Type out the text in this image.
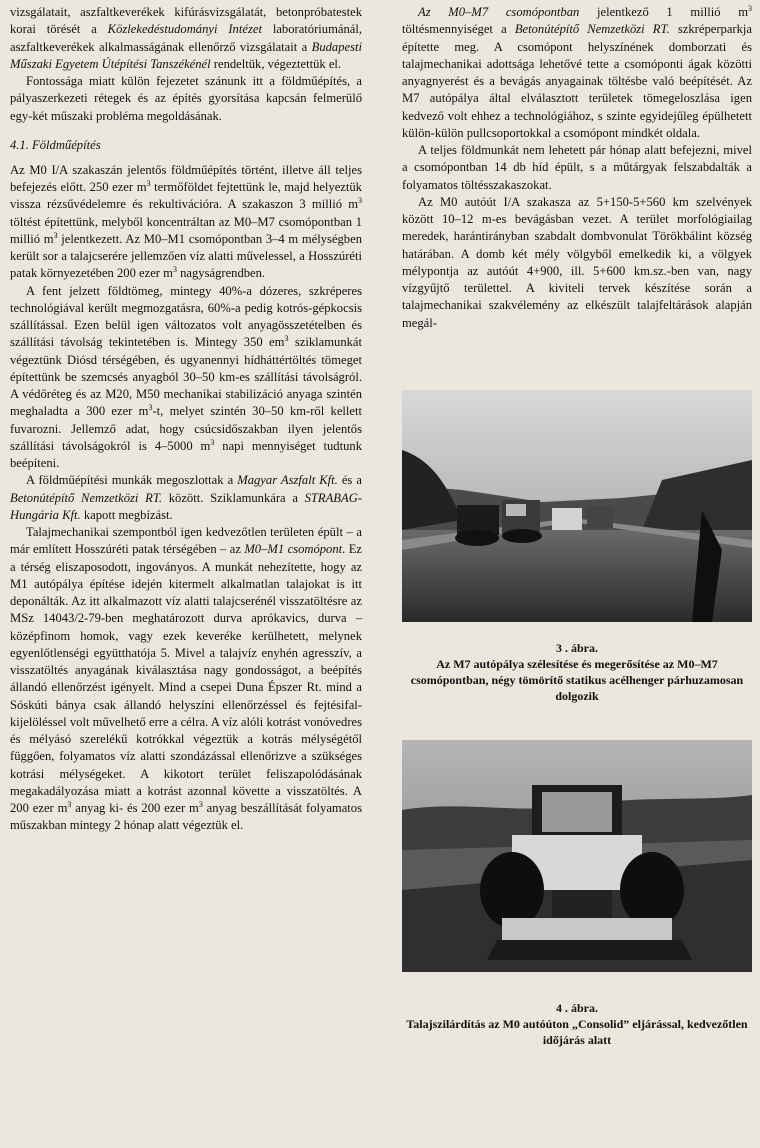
vizsgálatait, aszfaltkeverékek kifúrásvizsgálatát, betonpróbatestek korai törését a Közlekedéstudományi Intézet laboratóriumánál, aszfaltkeverékek alkalmasságának ellenőrző vizsgálatait a Budapesti Műszaki Egyetem Útépítési Tanszékénél rendeltük, végeztettük el.

Fontossága miatt külön fejezetet szánunk itt a földműépítés, a pályaszerkezeti rétegek és az építés gyorsítása kapcsán felmerülő egy-két műszaki probléma megoldásának.

4.1. Földműépítés

Az M0 I/A szakaszán jelentős földműépítés történt, illetve áll teljes befejezés előtt. 250 ezer $m^3$ termőföldet fejtettünk le, majd helyeztük vissza rézsűvédelemre és rekultivációra. A szakaszon 3 millió $m^3$ töltést építettünk, melyből koncentráltan az M0–M7 csomópontban 1 millió $m^3$ jelentkezett. Az M0–M1 csomópontban 3–4 m mélységben került sor a talajcserére jellemzően víz alatti művelessel, a Hosszúréti patak környezetében 200 ezer $m^3$ nagyságrendben.

A fent jelzett földtömeg, mintegy 40%-a dózeres, szkréperes technológiával került megmozgatásra, 60%-a pedig kotrós-gépkocsis szállítással. Ezen belül igen változatos volt anyagösszetételben és szállítási távolság tekintetében is. Mintegy 350 $em^3$ sziklamunkát végeztünk Diósd térségében, és ugyanennyi hídháttértöltés tömeget építettünk be szemcsés anyagból 30–50 km-es szállítási távolságról. A védőréteg és az M20, M50 mechanikai stabilizáció anyaga szintén meghaladta a 300 ezer $m^3-t$, melyet szintén 30–50 km-ről kellett fuvarozni. Jellemző adat, hogy csúcsidőszakban ilyen jelentős szállítási távolságokról is 4–5000 $m^3$ napi mennyiséget tudtunk beépíteni.

A földműépítési munkák megoszlottak a Magyar Aszfalt Kft. és a Betonútépítő Nemzetközi RT. között. Sziklamunkára a STRABAG-Hungária Kft. kapott megbízást.

Talajmechanikai szempontból igen kedvezőtlen területen épült – a már említett Hosszúréti patak térségében – az M0–M1 csomópont. Ez a térség eliszaposodott, ingoványos. A munkát nehezítette, hogy az M1 autópálya építése idején kitermelt alkalmatlan talajokat is itt deponálták. Az itt alkalmazott víz alatti talajcserénél visszatöltésre az MSz 14043/2-79-ben meghatározott durva aprókavics, durva – középfinom homok, vagy ezek keveréke kerülhetett, melynek egyenlőtlenségi együtthatója 5. Mivel a talajvíz enyhén agresszív, a visszatöltés anyagának kiválasztása nagy gondosságot, a beépítés állandó ellenőrzést igényelt. Mind a csepei Duna Épszer Rt. mind a Sóskúti bánya csak állandó helyszíni ellenőrzéssel és fejtésifal-kijelöléssel volt művelhető erre a célra. A víz alóli kotrást vonóvedres és mélyásó szerelékű kotrókkal végeztük a kotrás mélységétől függően, folyamatos víz alatti szondázással ellenőrizve a szükséges kotrási mélységeket. A kikotort terület feliszapolódásának megakadályozása miatt a kotrást azonnal követte a visszatöltés. A 200 ezer $m^3$ anyag ki- és 200 ezer $m^3$ anyag beszállítását folyamatos műszakban mintegy 2 hónap alatt végeztük el.

Az M0–M7 csomópontban jelentkező 1 millió $m^3$ töltésmennyiséget a Betonútépítő Nemzetközi RT. szkréperparkja építette meg. A csomópont helyszínének domborzati és talajmechanikai adottsága lehetővé tette a csomóponti ágak közötti anyagnyerést és a bevágás anyagainak töltésbe való beépítését. Az M7 autópálya által elválasztott területek tömegeloszlása igen kedvező volt ehhez a technológiához, s szinte egyidejűleg épülhetett külön-külön pullcsoportokkal a csomópont mindkét oldala.

A teljes földmunkát nem lehetett pár hónap alatt befejezni, mivel a csomópontban 14 db híd épült, s a műtárgyak felszabdalták a folyamatos töltésszakaszokat.

Az M0 autóút I/A szakasza az 5+150-5+560 km szelvények között 10–12 m-es bevágásban vezet. A terület morfológiailag meredek, harántirányban szabdalt dombvonulat Törökbálint község határában. A domb két mély völgyből emelkedik ki, a völgyek mélypontja az autóút 4+900, ill. 5+600 km.sz.-ben van, nagy vízgyűjtő területtel. A kiviteli tervek készítése során a talajmechanikai szakvélemény az elkészült talajfeltárások alapján megál-

3 . ábra.
Az M7 autópálya szélesítése és megerősítése az M0–M7 csomópontban, négy tömörítő statikus acélhenger párhuzamosan dolgozik
4 . ábra.
Talajszilárdítás az M0 autóúton „Consolid” eljárással, kedvezőtlen időjárás alatt
